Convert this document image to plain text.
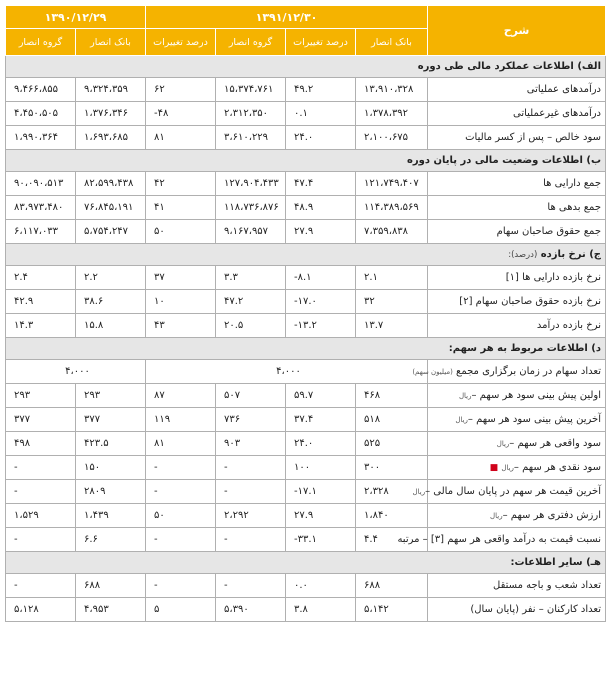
شرح	۱۳۹۱/۱۲/۳۰				۱۳۹۰/۱۲/۲۹	
	بانک انصار	درصد تغییرات	گروه انصار	درصد تغییرات	بانک انصار	گروه انصار
الف) اطلاعات عملکرد مالی طی دوره						
درآمدهای عملیاتی	۱۳،۹۱۰،۳۲۸	۴۹.۲	۱۵،۳۷۴،۷۶۱	۶۲	۹،۳۲۴،۳۵۹	۹،۴۶۶،۸۵۵
درآمدهای غیرعملیاتی	۱،۳۷۸،۳۹۲	۰.۱	۲،۳۱۲،۳۵۰	-۴۸	۱،۳۷۶،۳۴۶	۴،۴۵۰،۵۰۵
سود خالص – پس از کسر مالیات	۲،۱۰۰،۶۷۵	۲۴.۰	۳،۶۱۰،۲۲۹	۸۱	۱،۶۹۳،۶۸۵	۱،۹۹۰،۳۶۴
ب) اطلاعات وضعیت مالی در پایان دوره						
جمع دارایی ها	۱۲۱،۷۴۹،۴۰۷	۴۷.۴	۱۲۷،۹۰۴،۴۳۳	۴۲	۸۲،۵۹۹،۴۳۸	۹۰،۰۹۰،۵۱۳
جمع بدهی ها	۱۱۴،۳۸۹،۵۶۹	۴۸.۹	۱۱۸،۷۳۶،۸۷۶	۴۱	۷۶،۸۴۵،۱۹۱	۸۳،۹۷۳،۴۸۰
جمع حقوق صاحبان سهام	۷،۳۵۹،۸۳۸	۲۷.۹	۹،۱۶۷،۹۵۷	۵۰	۵،۷۵۴،۲۴۷	۶،۱۱۷،۰۳۳
ج) نرخ بازده (درصد):						
نرخ بازده دارایی ها [۱]	۲.۱	-۸.۱	۳.۳	۳۷	۲.۲	۲.۴
نرخ بازده حقوق صاحبان سهام [۲]	۳۲	-۱۷.۰	۴۷.۲	۱۰	۳۸.۶	۴۲.۹
نرخ بازده درآمد	۱۳.۷	-۱۳.۲	۲۰.۵	۴۳	۱۵.۸	۱۴.۳
د) اطلاعات مربوط به هر سهم:						
تعداد سهام در زمان برگزاری مجمع (میلیون سهم)	۴،۰۰۰				۴،۰۰۰	
اولین پیش بینی سود هر سهم –ریال	۴۶۸	۵۹.۷	۵۰۷	۸۷	۲۹۳	۲۹۳
آخرین پیش بینی سود هر سهم –ریال	۵۱۸	۳۷.۴	۷۳۶	۱۱۹	۳۷۷	۳۷۷
سود واقعی هر سهم –ریال	۵۲۵	۲۴.۰	۹۰۳	۸۱	۴۲۳.۵	۴۹۸
سود نقدی هر سهم –ریال ■	۳۰۰	۱۰۰	-	-	۱۵۰	-
آخرین قیمت هر سهم در پایان سال مالی –ریال	۲،۳۲۸	-۱۷.۱	-	-	۲۸۰۹	-
ارزش دفتری هر سهم –ریال	۱،۸۴۰	۲۷.۹	۲،۲۹۲	۵۰	۱،۴۳۹	۱،۵۲۹
نسبت قیمت به درآمد واقعی هر سهم [۳] – مرتبه	۴.۴	-۳۳.۱	-	-	۶.۶	-
هـ) سایر اطلاعات:						
تعداد شعب و باجه مستقل	۶۸۸	۰.۰	-	-	۶۸۸	-
تعداد کارکنان – نفر (پایان سال)	۵،۱۴۲	۳.۸	۵،۳۹۰	۵	۴،۹۵۳	۵،۱۲۸
